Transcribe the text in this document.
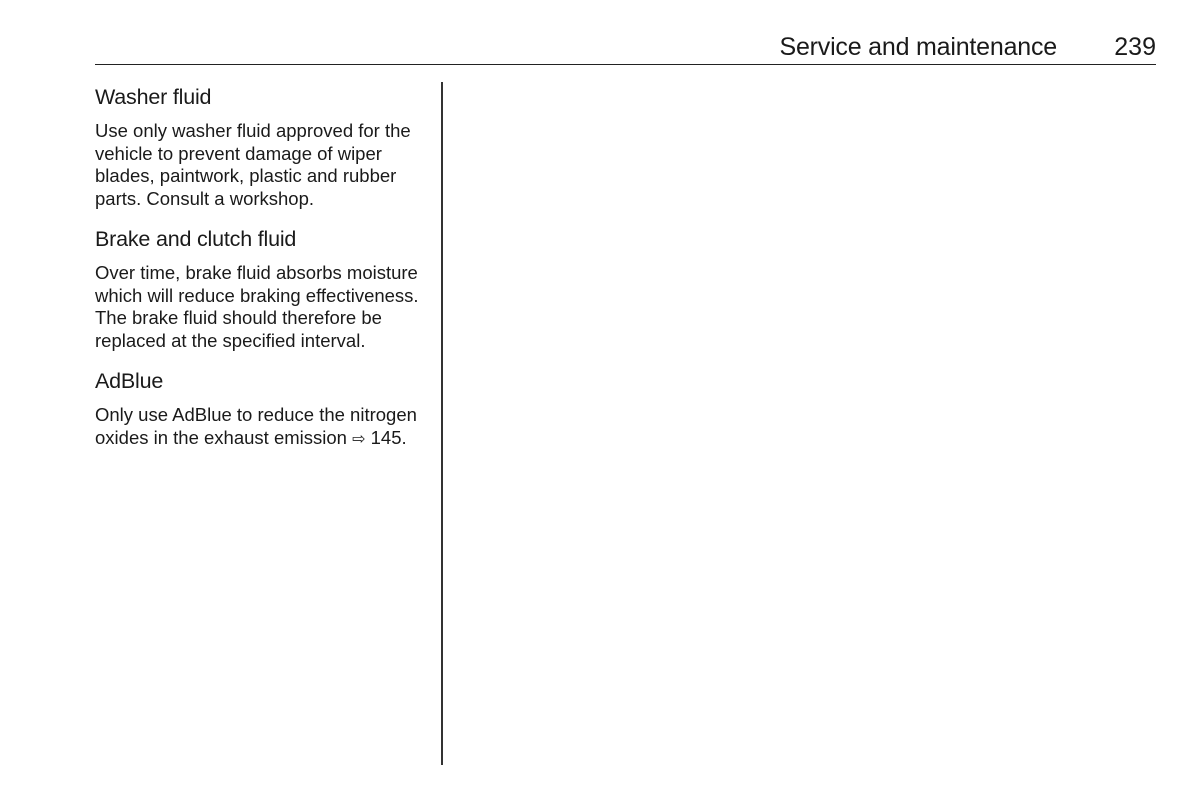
Service and maintenance 239
Washer fluid

Use only washer fluid approved for the vehicle to prevent damage of wiper blades, paintwork, plastic and rubber parts. Consult a workshop.

Brake and clutch fluid

Over time, brake fluid absorbs moisture which will reduce braking effectiveness. The brake fluid should therefore be replaced at the specified interval.

AdBlue

Only use AdBlue to reduce the nitrogen oxides in the exhaust emission ⇨ 145.
